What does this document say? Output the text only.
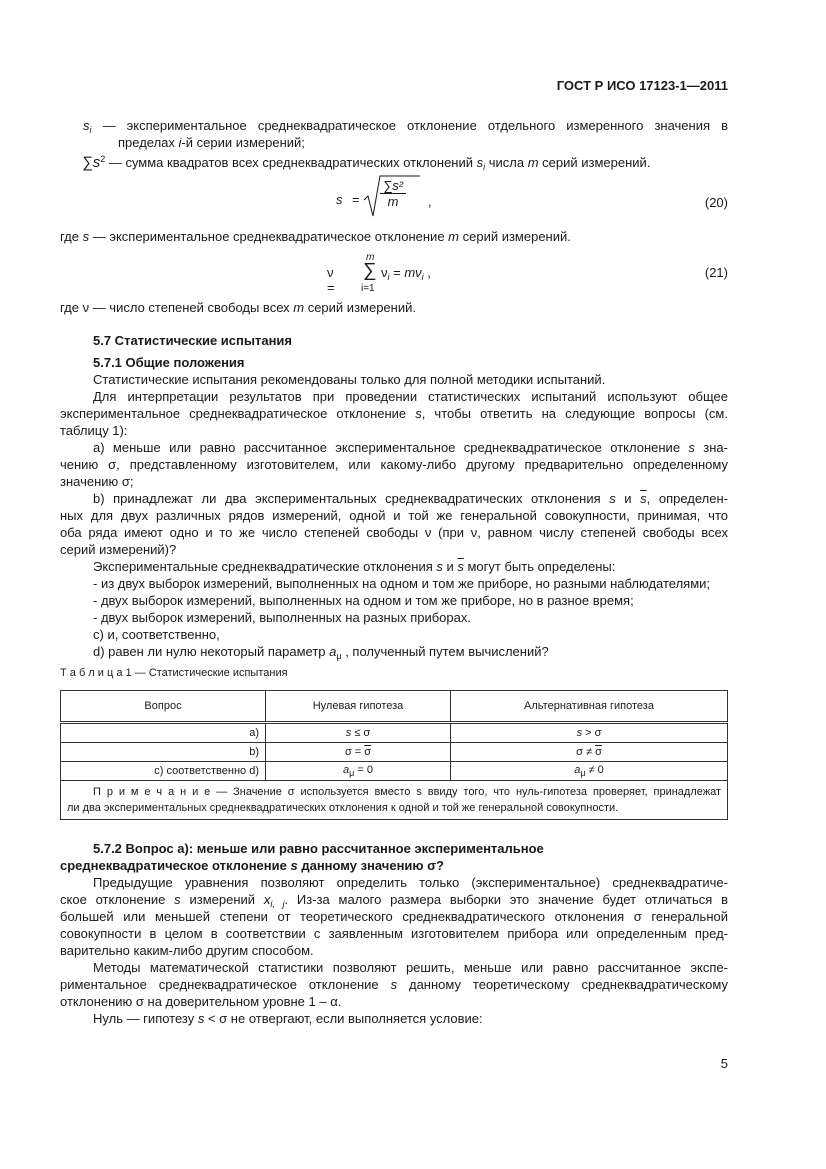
ГОСТ Р ИСО 17123-1—2011
$s_i$ — экспериментальное среднеквадратическое отклонение отдельного измеренного значения в
пределах i-й серии измерений;
$\sum s^2$ — сумма квадратов всех среднеквадратических отклонений $s_i$ числа m серий измерений.
$s = \frac{\text{∑s²}}{m}$ ,	(20)
где s — экспериментальное среднеквадратическое отклонение m серий измерений.
ν =
m
∑
i=1
$\nu_i = m\nu_i$ ,	(21)
где ν — число степеней свободы всех m серий измерений.
5.7 Статистические испытания
5.7.1 Общие положения
Статистические испытания рекомендованы только для полной методики испытаний.
Для интерпретации результатов при проведении статистических испытаний используют общее
экспериментальное среднеквадратическое отклонение s, чтобы ответить на следующие вопросы (см.
таблицу 1):
a) меньше или равно рассчитанное экспериментальное среднеквадратическое отклонение s зна-
чению σ, представленному изготовителем, или какому-либо другому предварительно определенному
значению σ;
b) принадлежат ли два экспериментальных среднеквадратических отклонения s и $\overline{s}$, определен-
ных для двух различных рядов измерений, одной и той же генеральной совокупности, принимая, что
оба ряда имеют одно и то же число степеней свободы ν (при ν, равном числу степеней свободы всех
серий измерений)?
Экспериментальные среднеквадратические отклонения s и $\overline{s}$ могут быть определены:
- из двух выборок измерений, выполненных на одном и том же приборе, но разными наблюдателями;
- двух выборок измерений, выполненных на одном и том же приборе, но в разное время;
- двух выборок измерений, выполненных на разных приборах.
c) и, соответственно,
d) равен ли нулю некоторый параметр $a_\mu$ , полученный путем вычислений?
Т а б л и ц а 1 — Статистические испытания
Вопрос	Нулевая гипотеза	Альтернативная гипотеза
a)	s ≤ σ	s > σ
b)	$\sigma = \overline{\sigma}$	$\sigma \ne \overline{\sigma}$
c) соответственно d)	$a_\mu = 0$	$a_\mu \ne 0$

П р и м е ч а н и е — Значение σ используется вместо s ввиду того, что нуль-гипотеза проверяет, принадлежат
ли два экспериментальных среднеквадратических отклонения к одной и той же генеральной совокупности.		
5.7.2 Вопрос a): меньше или равно рассчитанное экспериментальное
среднеквадратическое отклонение s данному значению σ?
Предыдущие уравнения позволяют определить только (экспериментальное) среднеквадратиче-
ское отклонение s измерений $x_{i, j}$. Из-за малого размера выборки это значение будет отличаться в
большей или меньшей степени от теоретического среднеквадратического отклонения σ генеральной
совокупности в целом в соответствии с заявленным изготовителем прибора или определенным пред-
варительно каким-либо другим способом.
Методы математической статистики позволяют решить, меньше или равно рассчитанное экспе-
риментальное среднеквадратическое отклонение s данному теоретическому среднеквадратическому
отклонению σ на доверительном уровне 1 – α.
Нуль — гипотезу s < σ не отвергают, если выполняется условие:
5
